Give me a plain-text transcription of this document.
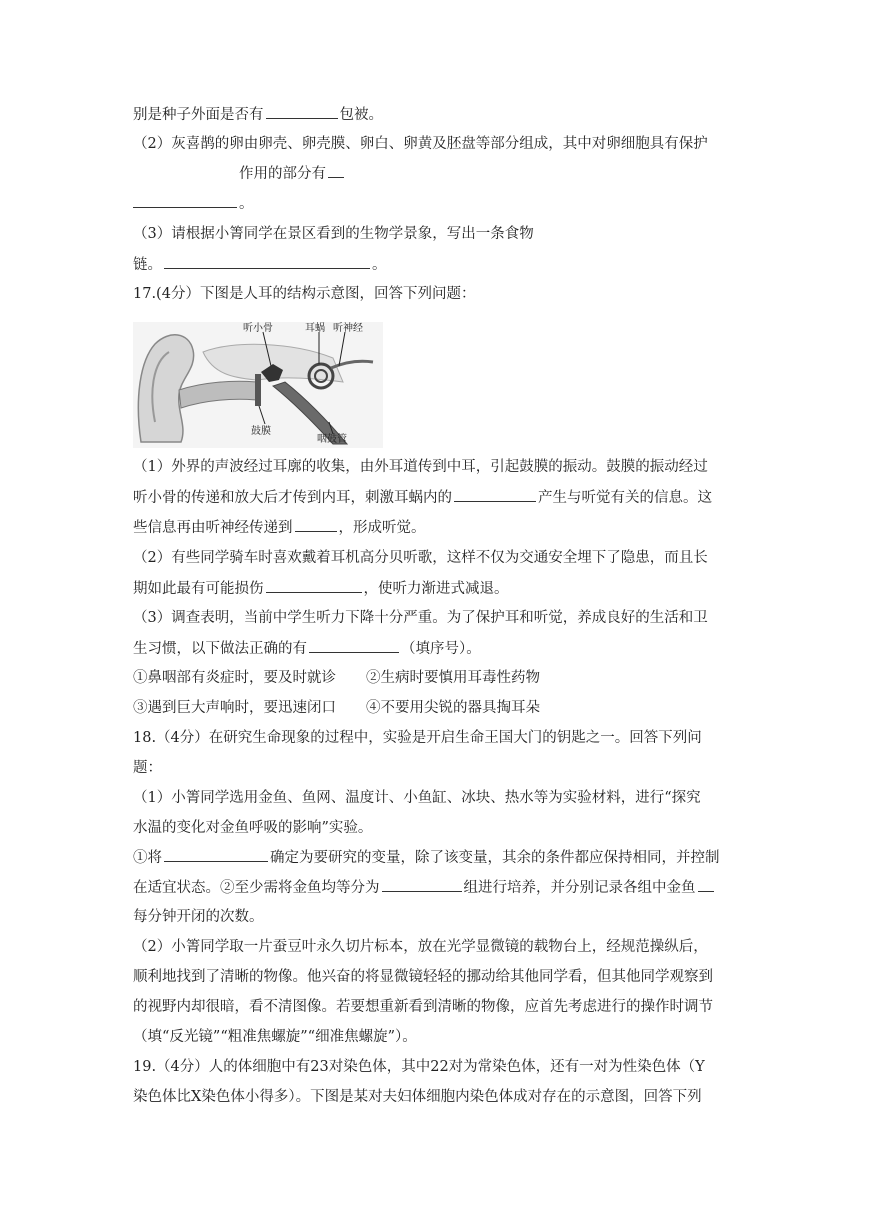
别是种子外面是否有	包被。
（2）灰喜鹊的卵由卵壳、卵壳膜、卵白、卵黄及胚盘等部分组成，其中对卵细胞具有保护
作用的部分有
。
（3）请根据小箐同学在景区看到的生物学景象，写出一条食物
链。	。
17.(4分）下图是人耳的结构示意图，回答下列问题：
听小骨	耳蜗 听神经
鼓膜
咽鼓管
（1）外界的声波经过耳廓的收集，由外耳道传到中耳，引起鼓膜的振动。鼓膜的振动经过
听小骨的传递和放大后才传到内耳，刺激耳蜗内的	产生与听觉有关的信息。这
些信息再由听神经传递到	，形成听觉。
（2）有些同学骑车时喜欢戴着耳机高分贝听歌，这样不仅为交通安全埋下了隐患，而且长
期如此最有可能损伤	，使听力渐进式减退。
（3）调查表明，当前中学生听力下降十分严重。为了保护耳和听觉，养成良好的生活和卫
生习惯，以下做法正确的有	（填序号）。
①鼻咽部有炎症时，要及时就诊 ②生病时要慎用耳毒性药物
③遇到巨大声响时，要迅速闭口 ④不要用尖锐的器具掏耳朵
18.（4分）在研究生命现象的过程中，实验是开启生命王国大门的钥匙之一。回答下列问
题：
（1）小箐同学选用金鱼、鱼网、温度计、小鱼缸、冰块、热水等为实验材料，进行“探究
水温的变化对金鱼呼吸的影响”实验。
①将	确定为要研究的变量，除了该变量，其余的条件都应保持相同，并控制
在适宜状态。②至少需将金鱼均等分为	组进行培养，并分别记录各组中金鱼
每分钟开闭的次数。
（2）小箐同学取一片蚕豆叶永久切片标本，放在光学显微镜的载物台上，经规范操纵后，
顺利地找到了清晰的物像。他兴奋的将显微镜轻轻的挪动给其他同学看，但其他同学观察到
的视野内却很暗，看不清图像。若要想重新看到清晰的物像，应首先考虑进行的操作时调节
（填“反光镜”“粗准焦螺旋”“细准焦螺旋”）。
19.（4分）人的体细胞中有23对染色体，其中22对为常染色体，还有一对为性染色体（Y
染色体比X染色体小得多）。下图是某对夫妇体细胞内染色体成对存在的示意图，回答下列
